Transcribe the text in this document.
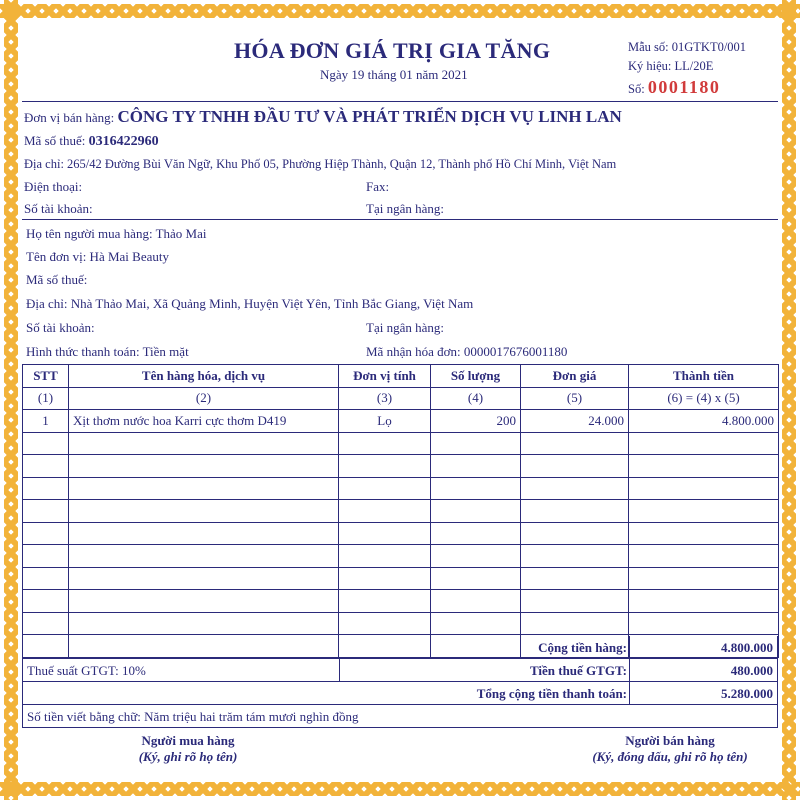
HÓA ĐƠN GIÁ TRỊ GIA TĂNG
Ngày 19 tháng 01 năm 2021
Mẫu số: 01GTKT0/001
Ký hiệu: LL/20E
Số: 0001180
Đơn vị bán hàng: CÔNG TY TNHH ĐẦU TƯ VÀ PHÁT TRIỂN DỊCH VỤ LINH LAN
Mã số thuế: 0316422960
Địa chỉ: 265/42 Đường Bùi Văn Ngữ, Khu Phố 05, Phường Hiệp Thành, Quận 12, Thành phố Hồ Chí Minh, Việt Nam
Điện thoại:	Fax:
Số tài khoản:	Tại ngân hàng:
Họ tên người mua hàng: Thảo Mai
Tên đơn vị: Hà Mai Beauty
Mã số thuế:
Địa chỉ: Nhà Thảo Mai, Xã Quảng Minh, Huyện Việt Yên, Tỉnh Bắc Giang, Việt Nam
Số tài khoản:	Tại ngân hàng:
Hình thức thanh toán: Tiền mặt	Mã nhận hóa đơn: 0000017676001180
STT	Tên hàng hóa, dịch vụ	Đơn vị tính	Số lượng	Đơn giá	Thành tiền
(1)	(2)	(3)	(4)	(5)	(6) = (4) x (5)
1	Xịt thơm nước hoa Karri cực thơm D419	Lọ	200	24.000	4.800.000

Cộng tiền hàng:	4.800.000
Thuế suất GTGT: 10%	Tiền thuế GTGT:	480.000
Tổng cộng tiền thanh toán:	5.280.000
Số tiền viết bằng chữ: Năm triệu hai trăm tám mươi nghìn đồng
Người mua hàng
(Ký, ghi rõ họ tên)
Người bán hàng
(Ký, đóng dấu, ghi rõ họ tên)
